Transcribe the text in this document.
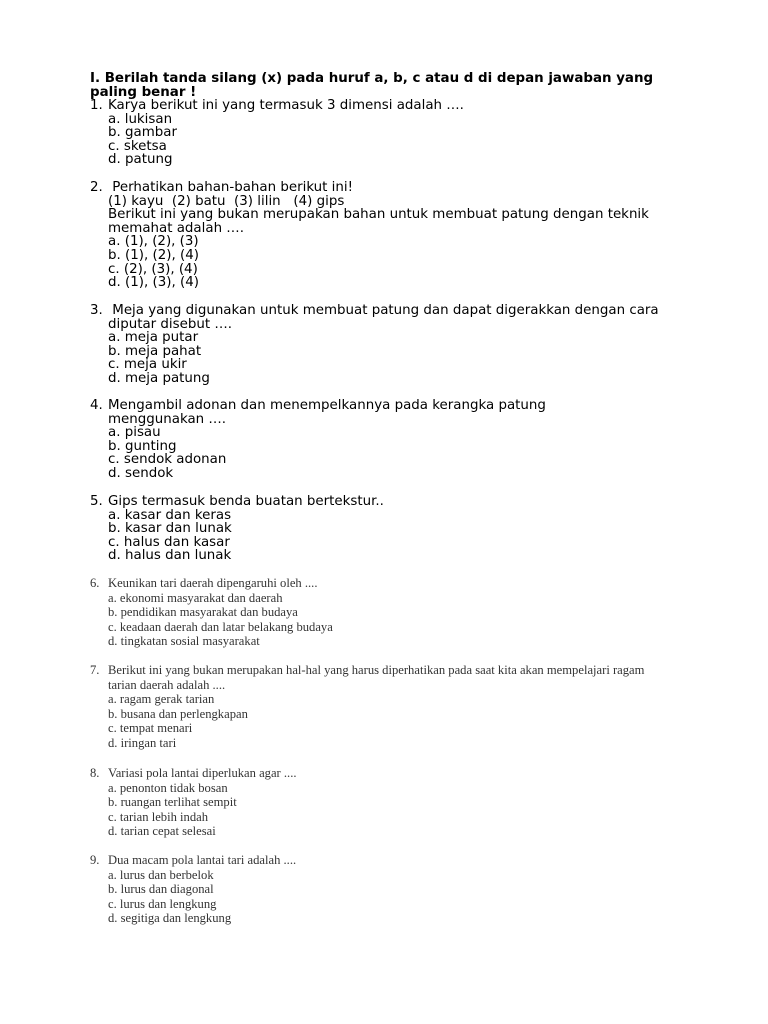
I. Berilah tanda silang (x) pada huruf a, b, c atau d di depan jawaban yang paling benar !
1. Karya berikut ini yang termasuk 3 dimensi adalah ….
a. lukisan
b. gambar
c. sketsa
d. patung
2. Perhatikan bahan-bahan berikut ini!
(1) kayu  (2) batu  (3) lilin   (4) gips
Berikut ini yang bukan merupakan bahan untuk membuat patung dengan teknik memahat adalah ….
a. (1), (2), (3)
b. (1), (2), (4)
c. (2), (3), (4)
d. (1), (3), (4)
3. Meja yang digunakan untuk membuat patung dan dapat digerakkan dengan cara diputar disebut ….
a. meja putar
b. meja pahat
c. meja ukir
d. meja patung
4. Mengambil adonan dan menempelkannya pada kerangka patung menggunakan ….
a. pisau
b. gunting
c. sendok adonan
d. sendok
5. Gips termasuk benda buatan bertekstur..
a. kasar dan keras
b. kasar dan lunak
c. halus dan kasar
d. halus dan lunak
6. Keunikan tari daerah dipengaruhi oleh ....
a. ekonomi masyarakat dan daerah
b. pendidikan masyarakat dan budaya
c. keadaan daerah dan latar belakang budaya
d. tingkatan sosial masyarakat
7. Berikut ini yang bukan merupakan hal-hal yang harus diperhatikan pada saat kita akan mempelajari ragam tarian daerah adalah ....
a. ragam gerak tarian
b. busana dan perlengkapan
c. tempat menari
d. iringan tari
8. Variasi pola lantai diperlukan agar ....
a. penonton tidak bosan
b. ruangan terlihat sempit
c. tarian lebih indah
d. tarian cepat selesai
9. Dua macam pola lantai tari adalah ....
a. lurus dan berbelok
b. lurus dan diagonal
c. lurus dan lengkung
d. segitiga dan lengkung
